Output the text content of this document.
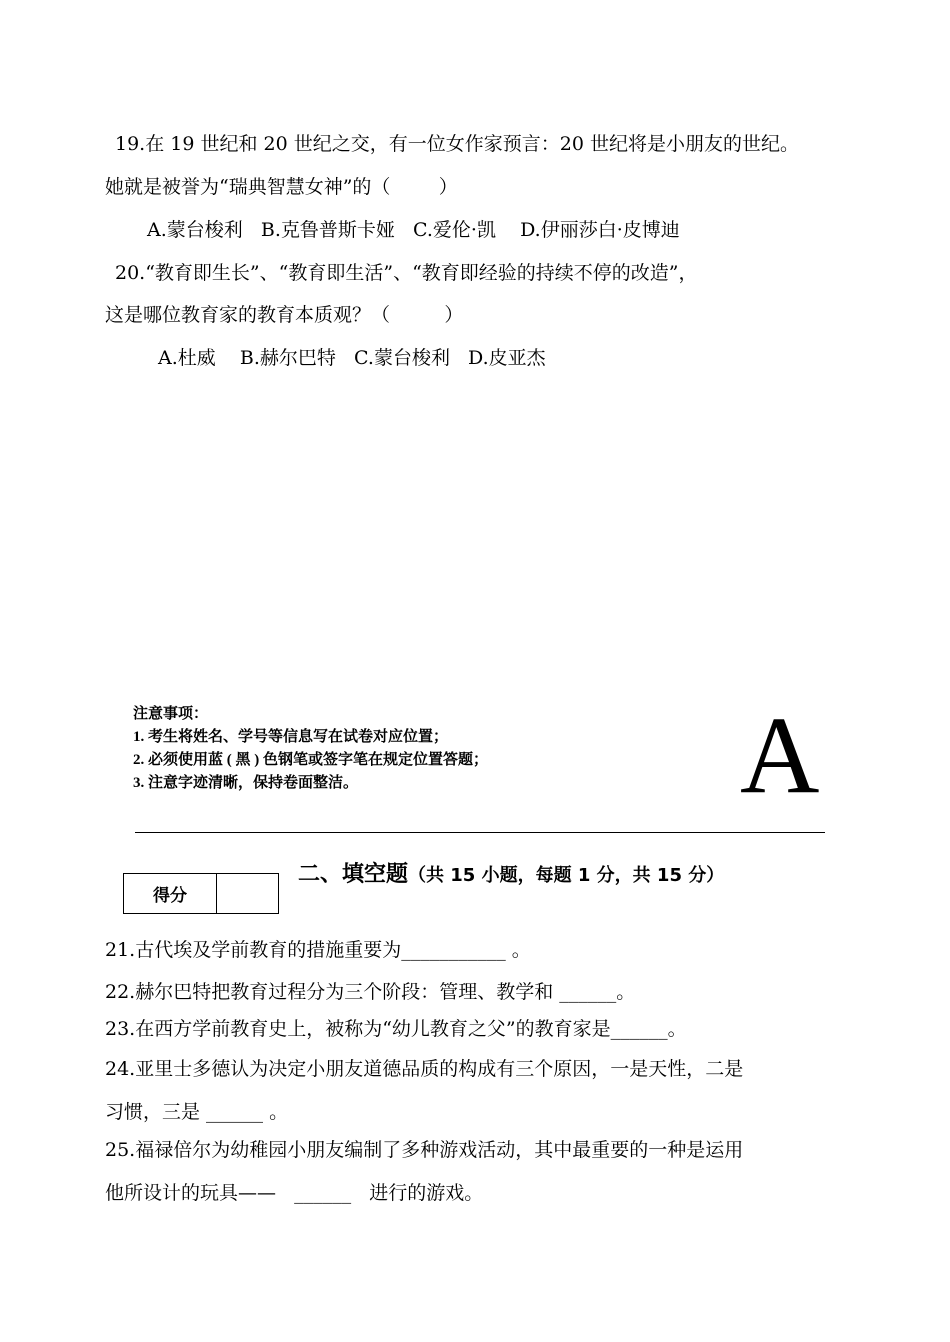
19.在 19 世纪和 20 世纪之交，有一位女作家预言：20 世纪将是小朋友的世纪。
她就是被誉为“瑞典智慧女神”的（        ）
A.蒙台梭利   B.克鲁普斯卡娅   C.爱伦·凯    D.伊丽莎白·皮博迪
20.“教育即生长”、“教育即生活”、“教育即经验的持续不停的改造”，
这是哪位教育家的教育本质观？（         ）
A.杜威    B.赫尔巴特   C.蒙台梭利   D.皮亚杰
注意事项：
1. 考生将姓名、学号等信息写在试卷对应位置；
2. 必须使用蓝 ( 黑 ) 色钢笔或签字笔在规定位置答题；
3. 注意字迹清晰，保持卷面整洁。	A
得分
二、填空题（共 15 小题，每题 1 分，共 15 分）
21.古代埃及学前教育的措施重要为___________ 。
22.赫尔巴特把教育过程分为三个阶段：管理、教学和 ______。
23.在西方学前教育史上，被称为“幼儿教育之父”的教育家是______。
24.亚里士多德认为决定小朋友道德品质的构成有三个原因，一是天性，二是
习惯，三是 ______ 。
25.福禄倍尔为幼稚园小朋友编制了多种游戏活动，其中最重要的一种是运用
他所设计的玩具——   ______   进行的游戏。
